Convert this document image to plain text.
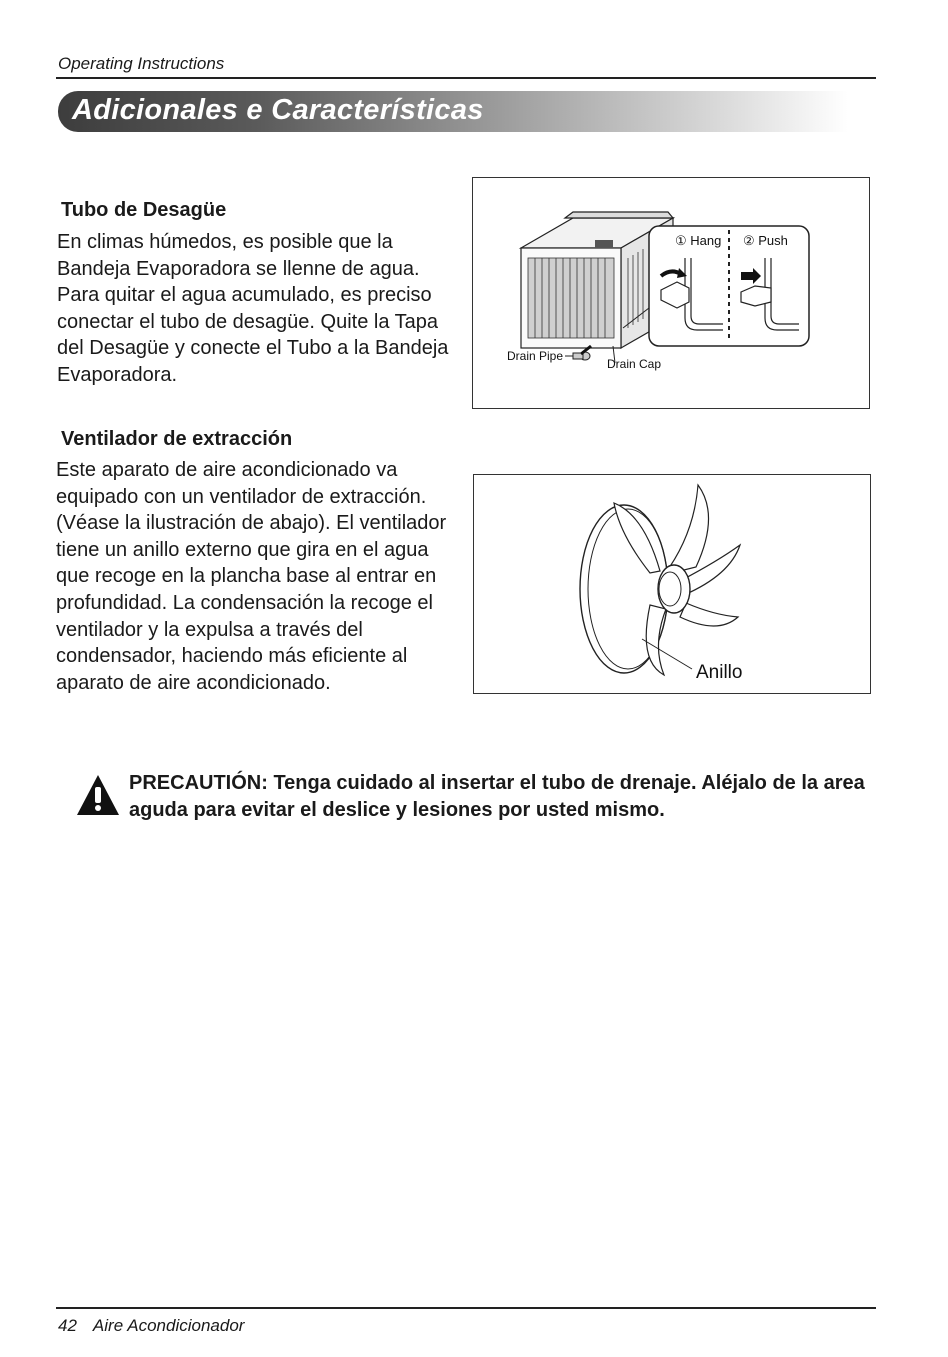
Operating Instructions
Adicionales e Características
Tubo de Desagüe
En climas húmedos, es posible que la Bandeja Evaporadora se llenne de agua. Para quitar el agua acumulado, es preciso conectar el tubo de desagüe. Quite la Tapa del Desagüe y conecte el Tubo a la Bandeja Evaporadora.
① Hang ② Push
Drain Pipe
Drain Cap
Ventilador de extracción
Este aparato de aire acondicionado va equipado con un ventilador de extracción. (Véase la ilustración de abajo). El ventilador tiene un anillo externo que gira en el agua que recoge en la plancha base al entrar en profundidad. La condensación la recoge el ventilador y la expulsa a través del condensador, haciendo más eficiente al aparato de aire acondicionado.	Anillo
PRECAUTIÓN: Tenga cuidado al insertar el tubo de drenaje. Aléjalo de la area aguda para evitar el deslice y lesiones por usted mismo.
42 Aire Acondicionador
